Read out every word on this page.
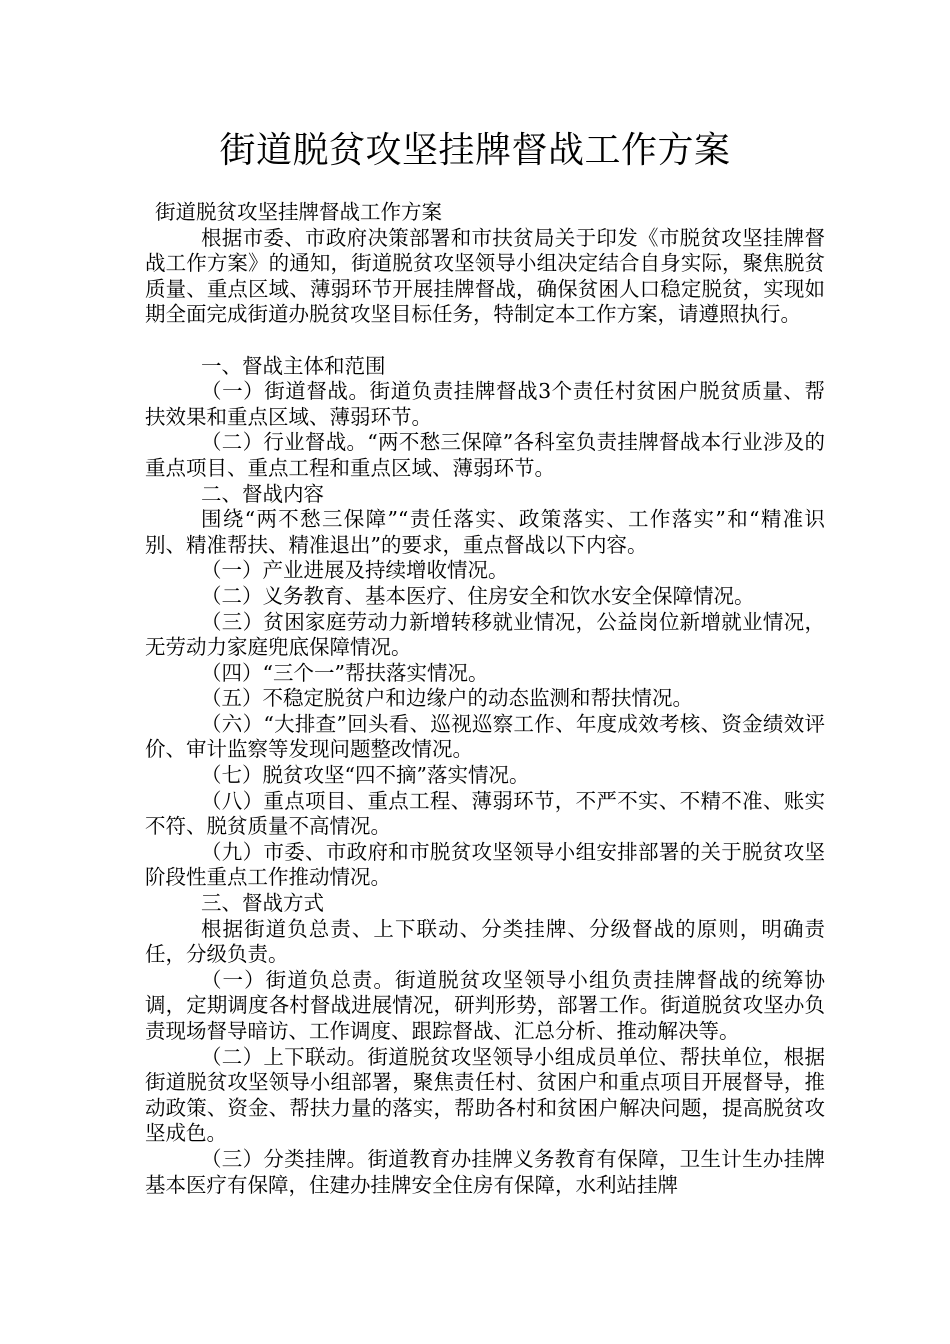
街道脱贫攻坚挂牌督战工作方案

街道脱贫攻坚挂牌督战工作方案

根据市委、市政府决策部署和市扶贫局关于印发《市脱贫攻坚挂牌督战工作方案》的通知，街道脱贫攻坚领导小组决定结合自身实际，聚焦脱贫质量、重点区域、薄弱环节开展挂牌督战，确保贫困人口稳定脱贫，实现如期全面完成街道办脱贫攻坚目标任务，特制定本工作方案，请遵照执行。

一、督战主体和范围

（一）街道督战。街道负责挂牌督战3个责任村贫困户脱贫质量、帮扶效果和重点区域、薄弱环节。

（二）行业督战。“两不愁三保障”各科室负责挂牌督战本行业涉及的重点项目、重点工程和重点区域、薄弱环节。

二、督战内容

围绕“两不愁三保障”“责任落实、政策落实、工作落实”和“精准识别、精准帮扶、精准退出”的要求，重点督战以下内容。

（一）产业进展及持续增收情况。

（二）义务教育、基本医疗、住房安全和饮水安全保障情况。

（三）贫困家庭劳动力新增转移就业情况，公益岗位新增就业情况，无劳动力家庭兜底保障情况。

（四）“三个一”帮扶落实情况。

（五）不稳定脱贫户和边缘户的动态监测和帮扶情况。

（六）“大排查”回头看、巡视巡察工作、年度成效考核、资金绩效评价、审计监察等发现问题整改情况。

（七）脱贫攻坚“四不摘”落实情况。

（八）重点项目、重点工程、薄弱环节，不严不实、不精不准、账实不符、脱贫质量不高情况。

（九）市委、市政府和市脱贫攻坚领导小组安排部署的关于脱贫攻坚阶段性重点工作推动情况。

三、督战方式

根据街道负总责、上下联动、分类挂牌、分级督战的原则，明确责任，分级负责。

（一）街道负总责。街道脱贫攻坚领导小组负责挂牌督战的统筹协调，定期调度各村督战进展情况，研判形势，部署工作。街道脱贫攻坚办负责现场督导暗访、工作调度、跟踪督战、汇总分析、推动解决等。

（二）上下联动。街道脱贫攻坚领导小组成员单位、帮扶单位，根据街道脱贫攻坚领导小组部署，聚焦责任村、贫困户和重点项目开展督导，推动政策、资金、帮扶力量的落实，帮助各村和贫困户解决问题，提高脱贫攻坚成色。

（三）分类挂牌。街道教育办挂牌义务教育有保障，卫生计生办挂牌基本医疗有保障，住建办挂牌安全住房有保障，水利站挂牌
